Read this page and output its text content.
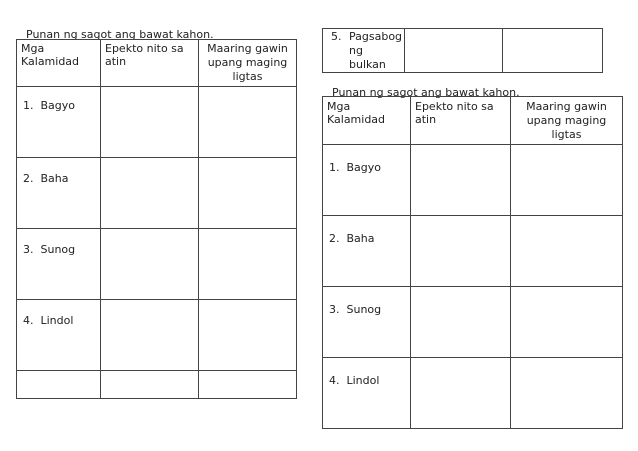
Punan ng sagot ang bawat kahon.
Mga Kalamidad	Epekto nito sa atin	Maaring gawin upang maging ligtas
1. Bagyo		
2. Baha		
3. Sunog		
4. Lindol		

5. Pagsabog ng bulkan

Punan ng sagot ang bawat kahon.
Mga Kalamidad	Epekto nito sa atin	Maaring gawin upang maging ligtas
1. Bagyo		
2. Baha		
3. Sunog		
4. Lindol		
